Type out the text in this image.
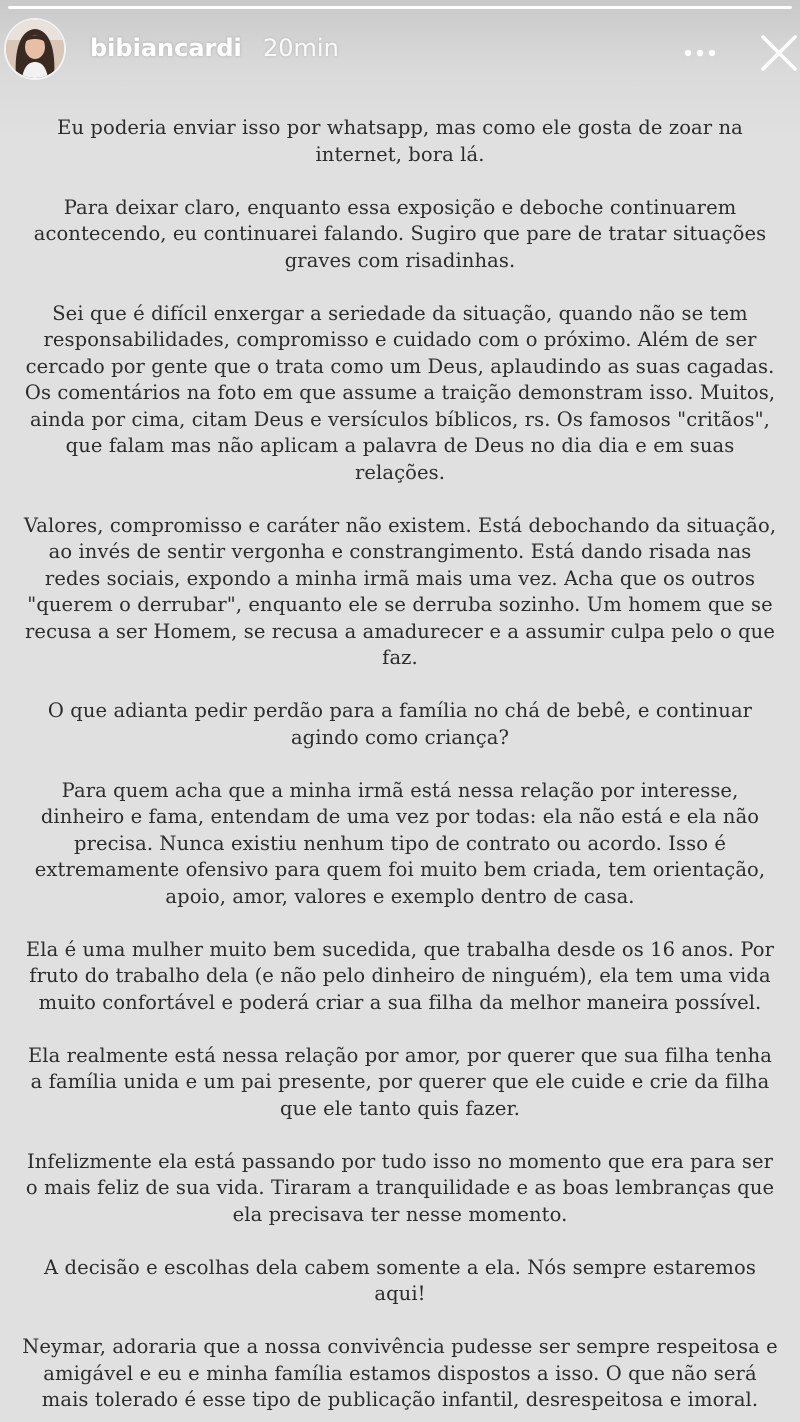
bibiancardi 20min

Eu poderia enviar isso por whatsapp, mas como ele gosta de zoar na internet, bora lá.

Para deixar claro, enquanto essa exposição e deboche continuarem acontecendo, eu continuarei falando. Sugiro que pare de tratar situações graves com risadinhas.

Sei que é difícil enxergar a seriedade da situação, quando não se tem responsabilidades, compromisso e cuidado com o próximo. Além de ser cercado por gente que o trata como um Deus, aplaudindo as suas cagadas. Os comentários na foto em que assume a traição demonstram isso. Muitos, ainda por cima, citam Deus e versículos bíblicos, rs. Os famosos "critãos", que falam mas não aplicam a palavra de Deus no dia dia e em suas relações.

Valores, compromisso e caráter não existem. Está debochando da situação, ao invés de sentir vergonha e constrangimento. Está dando risada nas redes sociais, expondo a minha irmã mais uma vez. Acha que os outros "querem o derrubar", enquanto ele se derruba sozinho. Um homem que se recusa a ser Homem, se recusa a amadurecer e a assumir culpa pelo o que faz.

O que adianta pedir perdão para a família no chá de bebê, e continuar agindo como criança?

Para quem acha que a minha irmã está nessa relação por interesse, dinheiro e fama, entendam de uma vez por todas: ela não está e ela não precisa. Nunca existiu nenhum tipo de contrato ou acordo. Isso é extremamente ofensivo para quem foi muito bem criada, tem orientação, apoio, amor, valores e exemplo dentro de casa.

Ela é uma mulher muito bem sucedida, que trabalha desde os 16 anos. Por fruto do trabalho dela (e não pelo dinheiro de ninguém), ela tem uma vida muito confortável e poderá criar a sua filha da melhor maneira possível.

Ela realmente está nessa relação por amor, por querer que sua filha tenha a família unida e um pai presente, por querer que ele cuide e crie da filha que ele tanto quis fazer.

Infelizmente ela está passando por tudo isso no momento que era para ser o mais feliz de sua vida. Tiraram a tranquilidade e as boas lembranças que ela precisava ter nesse momento.

A decisão e escolhas dela cabem somente a ela. Nós sempre estaremos aqui!

Neymar, adoraria que a nossa convivência pudesse ser sempre respeitosa e amigável e eu e minha família estamos dispostos a isso. O que não será mais tolerado é esse tipo de publicação infantil, desrespeitosa e imoral.
